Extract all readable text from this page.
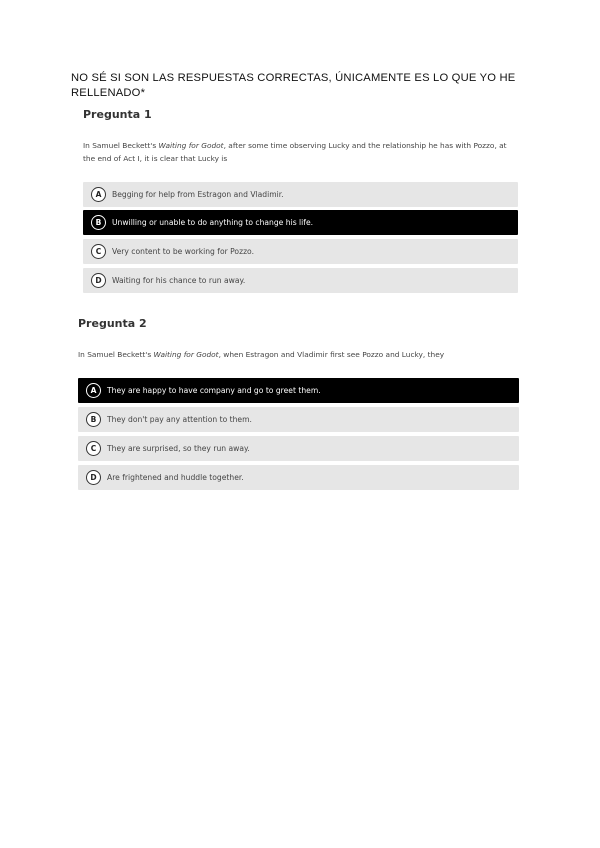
NO SÉ SI SON LAS RESPUESTAS CORRECTAS, ÚNICAMENTE ES LO QUE YO HE RELLENADO*
Pregunta 1
In Samuel Beckett's Waiting for Godot, after some time observing Lucky and the relationship he has with Pozzo, at the end of Act I, it is clear that Lucky is
A	Begging for help from Estragon and Vladimir.
B	Unwilling or unable to do anything to change his life.
C	Very content to be working for Pozzo.
D	Waiting for his chance to run away.
Pregunta 2
In Samuel Beckett's Waiting for Godot, when Estragon and Vladimir first see Pozzo and Lucky, they
A	They are happy to have company and go to greet them.
B	They don't pay any attention to them.
C	They are surprised, so they run away.
D	Are frightened and huddle together.
